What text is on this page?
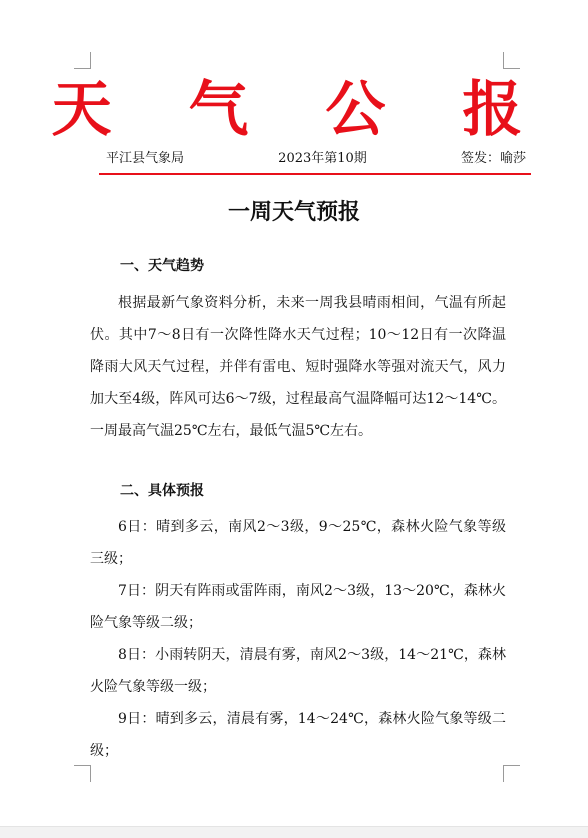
天 气 公 报
平江县气象局	2023年第10期	签发：喻莎
一周天气预报
一、天气趋势

根据最新气象资料分析，未来一周我县晴雨相间，气温有所起伏。其中7～8日有一次降性降水天气过程；10～12日有一次降温降雨大风天气过程，并伴有雷电、短时强降水等强对流天气，风力加大至4级，阵风可达6～7级，过程最高气温降幅可达12～14℃。一周最高气温25℃左右，最低气温5℃左右。

二、具体预报

6日：晴到多云，南风2～3级，9～25℃，森林火险气象等级三级；

7日：阴天有阵雨或雷阵雨，南风2～3级，13～20℃，森林火险气象等级二级；

8日：小雨转阴天，清晨有雾，南风2～3级，14～21℃，森林火险气象等级一级；

9日：晴到多云，清晨有雾，14～24℃，森林火险气象等级二级；
